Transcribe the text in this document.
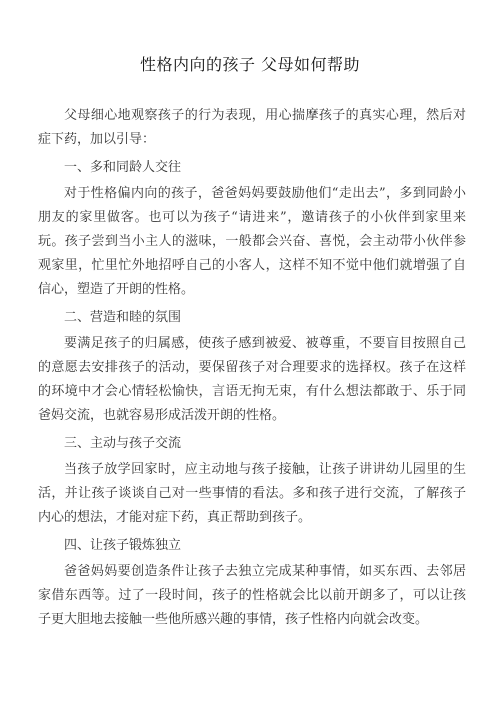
性格内向的孩子 父母如何帮助

父母细心地观察孩子的行为表现，用心揣摩孩子的真实心理，然后对症下药，加以引导：

一、多和同龄人交往

对于性格偏内向的孩子，爸爸妈妈要鼓励他们“走出去”，多到同龄小朋友的家里做客。也可以为孩子“请进来”，邀请孩子的小伙伴到家里来玩。孩子尝到当小主人的滋味，一般都会兴奋、喜悦，会主动带小伙伴参观家里，忙里忙外地招呼自己的小客人，这样不知不觉中他们就增强了自信心，塑造了开朗的性格。

二、营造和睦的氛围

要满足孩子的归属感，使孩子感到被爱、被尊重，不要盲目按照自己的意愿去安排孩子的活动，要保留孩子对合理要求的选择权。孩子在这样的环境中才会心情轻松愉快，言语无拘无束，有什么想法都敢于、乐于同爸妈交流，也就容易形成活泼开朗的性格。

三、主动与孩子交流

当孩子放学回家时，应主动地与孩子接触，让孩子讲讲幼儿园里的生活，并让孩子谈谈自己对一些事情的看法。多和孩子进行交流，了解孩子内心的想法，才能对症下药，真正帮助到孩子。

四、让孩子锻炼独立

爸爸妈妈要创造条件让孩子去独立完成某种事情，如买东西、去邻居家借东西等。过了一段时间，孩子的性格就会比以前开朗多了，可以让孩子更大胆地去接触一些他所感兴趣的事情，孩子性格内向就会改变。
